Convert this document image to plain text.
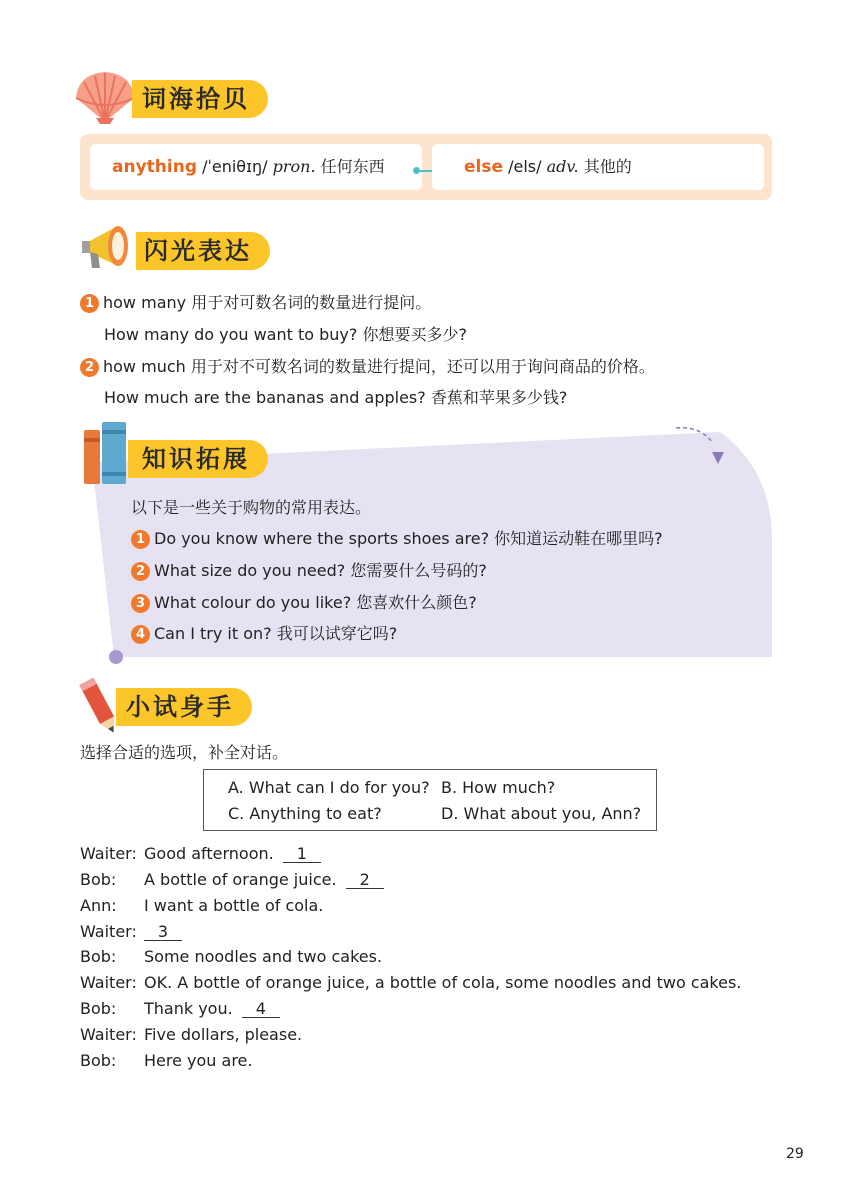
词海拾贝
anything /ˈeniθɪŋ/ pron. 任何东西	else /els/ adv. 其他的
闪光表达
1 how many 用于对可数名词的数量进行提问。
How many do you want to buy? 你想要买多少?
2 how much 用于对不可数名词的数量进行提问，还可以用于询问商品的价格。
How much are the bananas and apples? 香蕉和苹果多少钱?
知识拓展
以下是一些关于购物的常用表达。
1 Do you know where the sports shoes are? 你知道运动鞋在哪里吗?
2 What size do you need? 您需要什么号码的?
3 What colour do you like? 您喜欢什么颜色?
4 Can I try it on? 我可以试穿它吗?
小试身手
选择合适的选项，补全对话。
A. What can I do for you? B. How much?
C. Anything to eat?	D. What about you, Ann?
Waiter: Good afternoon. 1
Bob: A bottle of orange juice. 2
Ann: I want a bottle of cola.
Waiter:	3
Bob: Some noodles and two cakes.
Waiter: OK. A bottle of orange juice, a bottle of cola, some noodles and two cakes.
Bob: Thank you. 4
Waiter: Five dollars, please.
Bob: Here you are.
29
